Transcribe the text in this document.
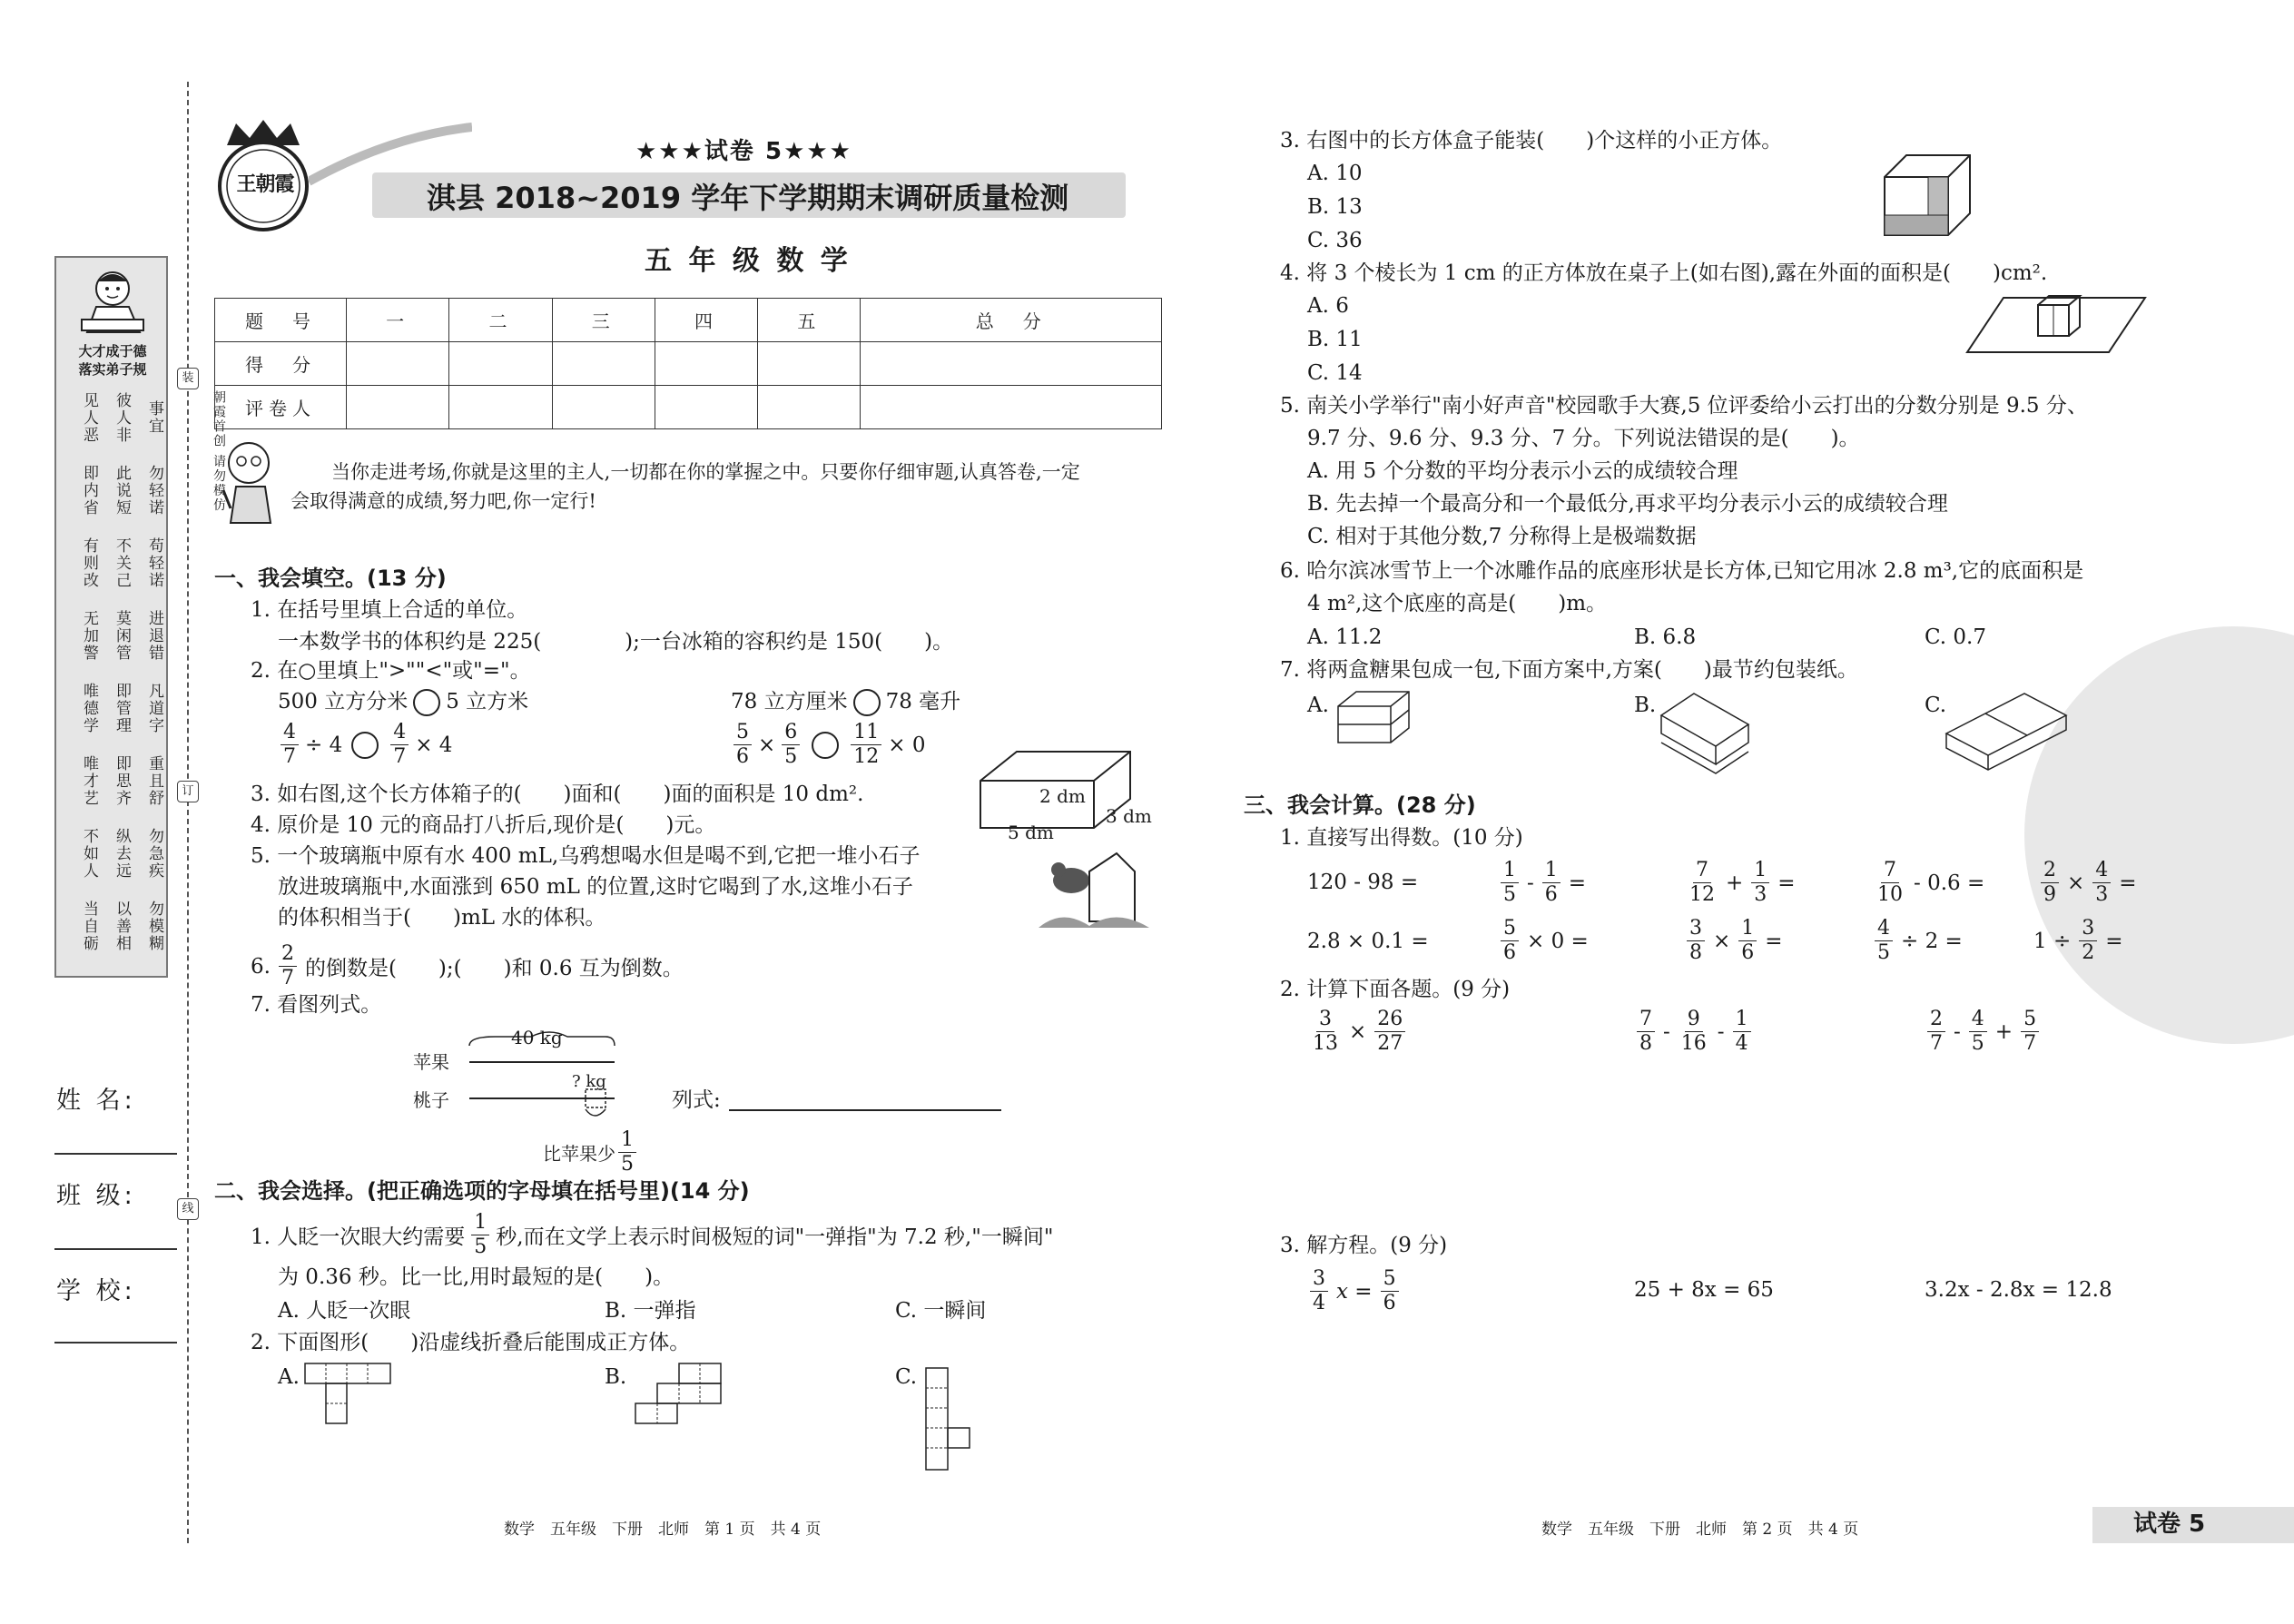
装
订
线
朝霞首创 请勿模仿
大才成于德
落实弟子规
见人恶 彼人非 事宜
即内省 此说短 勿轻诺
有则改 不关己 苟轻诺
无加警 莫闲管 进退错
唯德学 即管理 凡道字
唯才艺 即思齐 重且舒
不如人 纵去远 勿急疾
当自砺 以善相 勿模糊
姓 名:
班 级:
学 校:
王朝霞
★★★试卷 5★★★
淇县 2018~2019 学年下学期期末调研质量检测
五 年 级 数 学
题　号	一	二	三	四	五	总　分
得　分						
评卷人						
当你走进考场,你就是这里的主人,一切都在你的掌握之中。只要你仔细审题,认真答卷,一定
会取得满意的成绩,努力吧,你一定行!
一、我会填空。(13 分)
1. 在括号里填上合适的单位。
一本数学书的体积约是 225(　　　　);一台冰箱的容积约是 150(　　)。
2. 在○里填上">""<"或"="。
500 立方分米 5 立方米	78 立方厘米 78 毫升
$\frac{4}{7} \div 4 \frac{4}{7} \times 4$	$\frac{5}{6} \times \frac{6}{5}$	$\frac{11}{12} \times 0$
2 dm
3 dm
5 dm
3. 如右图,这个长方体箱子的(　　)面和(　　)面的面积是 10 dm².
4. 原价是 10 元的商品打八折后,现价是(　　)元。
5. 一个玻璃瓶中原有水 400 mL,乌鸦想喝水但是喝不到,它把一堆小石子
放进玻璃瓶中,水面涨到 650 mL 的位置,这时它喝到了水,这堆小石子
的体积相当于(　　)mL 水的体积。
6. $\frac{2}{7}$ 的倒数是(　　);(　　)和 0.6 互为倒数。
7. 看图列式。
40 kg
苹果
桃子
? kg
比苹果少 $\frac{1}{5}$
列式:
二、我会选择。(把正确选项的字母填在括号里)(14 分)
1. 人眨一次眼大约需要 $\frac{1}{5}$ 秒,而在文学上表示时间极短的词"一弹指"为 7.2 秒,"一瞬间"
为 0.36 秒。比一比,用时最短的是(　　)。
A. 人眨一次眼	B. 一弹指	C. 一瞬间
2. 下面图形(　　)沿虚线折叠后能围成正方体。
A.	B.	C.
数学　五年级　下册　北师　第 1 页　共 4 页
3. 右图中的长方体盒子能装(　　)个这样的小正方体。
A. 10
B. 13
C. 36
4. 将 3 个棱长为 1 cm 的正方体放在桌子上(如右图),露在外面的面积是(　　)cm².
A. 6
B. 11
C. 14
5. 南关小学举行"南小好声音"校园歌手大赛,5 位评委给小云打出的分数分别是 9.5 分、
9.7 分、9.6 分、9.3 分、7 分。下列说法错误的是(　　)。
A. 用 5 个分数的平均分表示小云的成绩较合理
B. 先去掉一个最高分和一个最低分,再求平均分表示小云的成绩较合理
C. 相对于其他分数,7 分称得上是极端数据
6. 哈尔滨冰雪节上一个冰雕作品的底座形状是长方体,已知它用冰 2.8 m³,它的底面积是
4 m²,这个底座的高是(　　)m。
A. 11.2	B. 6.8	C. 0.7
7. 将两盒糖果包成一包,下面方案中,方案(　　)最节约包装纸。
A.	B.	C.
三、我会计算。(28 分)
1. 直接写出得数。(10 分)
120 - 98 =	$\frac{1}{5} - \frac{1}{6}$ =	$\frac{7}{12} + \frac{1}{3}$ =	$\frac{7}{10} - 0.6$ =	$\frac{2}{9} \times \frac{4}{3}$ =
2.8 × 0.1 =	$\frac{5}{6} \times 0$ =	$\frac{3}{8} \times \frac{1}{6}$ =	$\frac{4}{5} \div 2$ =	$1 \div \frac{3}{2}$ =
2. 计算下面各题。(9 分)
$\frac{3}{13} \times \frac{26}{27}$	$\frac{7}{8} - \frac{9}{16} - \frac{1}{4}$	$\frac{2}{7} - \frac{4}{5} + \frac{5}{7}$
3. 解方程。(9 分)
$\frac{3}{4}$ $x = \frac{5}{6}$	25 + 8x = 65	3.2x - 2.8x = 12.8
数学　五年级　下册　北师　第 2 页　共 4 页	试卷 5
